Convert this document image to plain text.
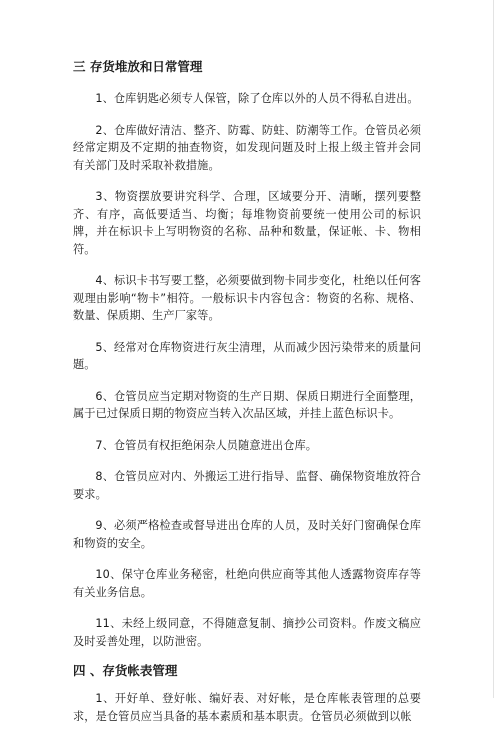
三 存货堆放和日常管理

1、仓库钥匙必须专人保管，除了仓库以外的人员不得私自进出。

2、仓库做好清洁、整齐、防霉、防蛀、防潮等工作。仓管员必须经常定期及不定期的抽查物资，如发现问题及时上报上级主管并会同有关部门及时采取补救措施。

3、物资摆放要讲究科学、合理，区域要分开、清晰，摆列要整齐、有序，高低要适当、均衡；每堆物资前要统一使用公司的标识牌，并在标识卡上写明物资的名称、品种和数量，保证帐、卡、物相符。

4、标识卡书写要工整，必须要做到物卡同步变化，杜绝以任何客观理由影响“物卡”相符。一般标识卡内容包含：物资的名称、规格、数量、保质期、生产厂家等。

5、经常对仓库物资进行灰尘清理，从而减少因污染带来的质量问题。

6、仓管员应当定期对物资的生产日期、保质日期进行全面整理，属于已过保质日期的物资应当转入次品区域，并挂上蓝色标识卡。

7、仓管员有权拒绝闲杂人员随意进出仓库。

8、仓管员应对内、外搬运工进行指导、监督、确保物资堆放符合要求。

9、必须严格检查或督导进出仓库的人员，及时关好门窗确保仓库和物资的安全。

10、保守仓库业务秘密，杜绝向供应商等其他人透露物资库存等有关业务信息。

11、未经上级同意，不得随意复制、摘抄公司资料。作废文稿应及时妥善处理，以防泄密。

四 、存货帐表管理

1、开好单、登好帐、编好表、对好帐，是仓库帐表管理的总要求，是仓管员应当具备的基本素质和基本职责。仓管员必须做到以帐
